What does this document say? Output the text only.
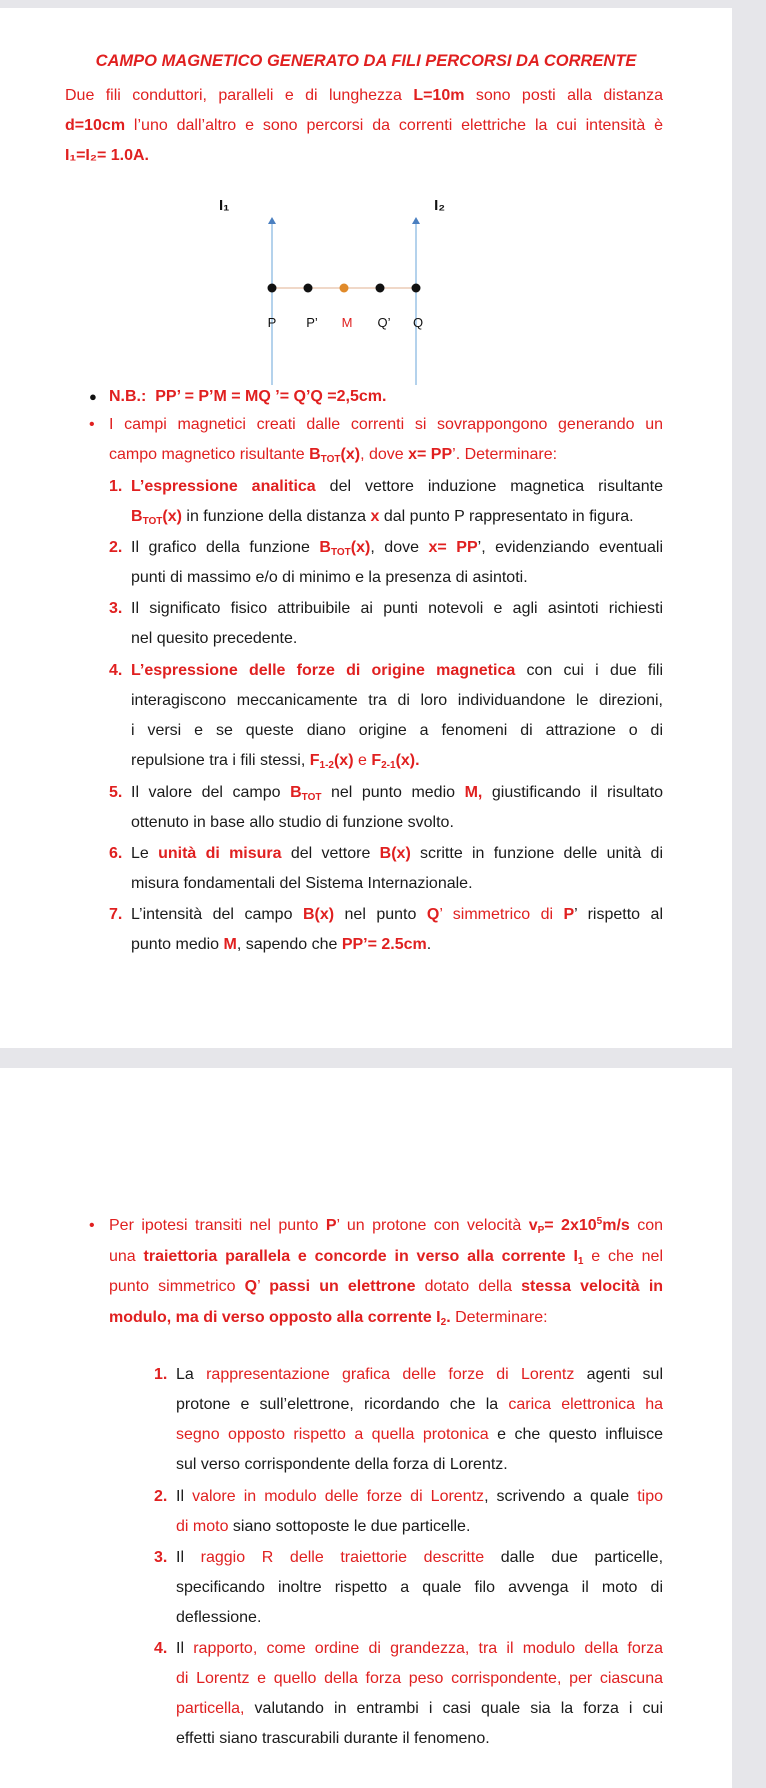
CAMPO MAGNETICO GENERATO DA FILI PERCORSI DA CORRENTE
Due fili conduttori, paralleli e di lunghezza L=10m sono posti alla distanza
d=10cm l’uno dall’altro e sono percorsi da correnti elettriche la cui intensità è
I₁=I₂= 1.0A.
I₁	I₂
P P’ M Q’ Q
● N.B.: PP’ = P’M = MQ ’= Q’Q =2,5cm.
• I campi magnetici creati dalle correnti si sovrappongono generando un
campo magnetico risultante $B_{TOT}(x)$, dove x= PP’. Determinare:
1. L’espressione analitica del vettore induzione magnetica risultante
$B_{TOT}(x)$ in funzione della distanza x dal punto P rappresentato in figura.
2. Il grafico della funzione $B_{TOT}(x)$, dove x= PP’, evidenziando eventuali
punti di massimo e/o di minimo e la presenza di asintoti.
3. Il significato fisico attribuibile ai punti notevoli e agli asintoti richiesti
nel quesito precedente.
4. L’espressione delle forze di origine magnetica con cui i due fili
interagiscono meccanicamente tra di loro individuandone le direzioni,
i versi e se queste diano origine a fenomeni di attrazione o di
repulsione tra i fili stessi, $F_{1-2}(x)$ e $F_{2-1}(x)$.
5. Il valore del campo $B_{TOT}$ nel punto medio M, giustificando il risultato
ottenuto in base allo studio di funzione svolto.
6. Le unità di misura del vettore B(x) scritte in funzione delle unità di
misura fondamentali del Sistema Internazionale.
7. L’intensità del campo B(x) nel punto Q’ simmetrico di P’ rispetto al
punto medio M, sapendo che PP’= 2.5cm.
• Per ipotesi transiti nel punto P’ un protone con velocità $v_P= 2x10^5m/s$ con
una traiettoria parallela e concorde in verso alla corrente $I_1$ e che nel
punto simmetrico Q’ passi un elettrone dotato della stessa velocità in
modulo, ma di verso opposto alla corrente $I_2$. Determinare:
1. La rappresentazione grafica delle forze di Lorentz agenti sul
protone e sull’elettrone, ricordando che la carica elettronica ha
segno opposto rispetto a quella protonica e che questo influisce
sul verso corrispondente della forza di Lorentz.
2. Il valore in modulo delle forze di Lorentz, scrivendo a quale tipo
di moto siano sottoposte le due particelle.
3. Il raggio R delle traiettorie descritte dalle due particelle,
specificando inoltre rispetto a quale filo avvenga il moto di
deflessione.
4. Il rapporto, come ordine di grandezza, tra il modulo della forza
di Lorentz e quello della forza peso corrispondente, per ciascuna
particella, valutando in entrambi i casi quale sia la forza i cui
effetti siano trascurabili durante il fenomeno.
